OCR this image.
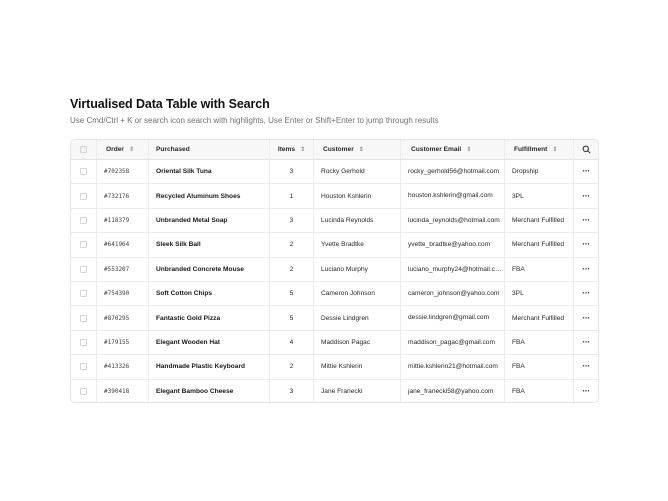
Virtualised Data Table with Search

Use Cmd/Ctrl + K or search icon search with highlights, Use Enter or Shift+Enter to jump through results

Order ⇕	Purchased	Items ⇕	Customer ⇕	Customer Email ⇕	Fulfillment ⇕
#702358	Oriental Silk Tuna	3	Rocky Gerhold	rocky_gerhold56@hotmail.com	Dropship	···
#732176	Recycled Aluminum Shoes	1	Houston Kshlerin	houston.kshlerin@gmail.com	3PL	···
#118379	Unbranded Metal Soap	3	Lucinda Reynolds	lucinda_reynolds@hotmail.com	Merchant Fulfilled	···
#641964	Sleek Silk Ball	2	Yvette Bradtke	yvette_bradtke@yahoo.com	Merchant Fulfilled	···
#553207	Unbranded Concrete Mouse	2	Luciano Murphy	luciano_murphy24@hotmail.com	FBA	···
#754390	Soft Cotton Chips	5	Cameron Johnson	cameron_johnson@yahoo.com	3PL	···
#870295	Fantastic Gold Pizza	5	Dessie Lindgren	dessie.lindgren@gmail.com	Merchant Fulfilled	···
#179155	Elegant Wooden Hat	4	Maddison Pagac	maddison_pagac@gmail.com	FBA	···
#413326	Handmade Plastic Keyboard	2	Mittie Kshlerin	mittie.kshlerin21@hotmail.com	FBA	···
#390418	Elegant Bamboo Cheese	3	Jane Franecki	jane_franecki58@yahoo.com	FBA	···
